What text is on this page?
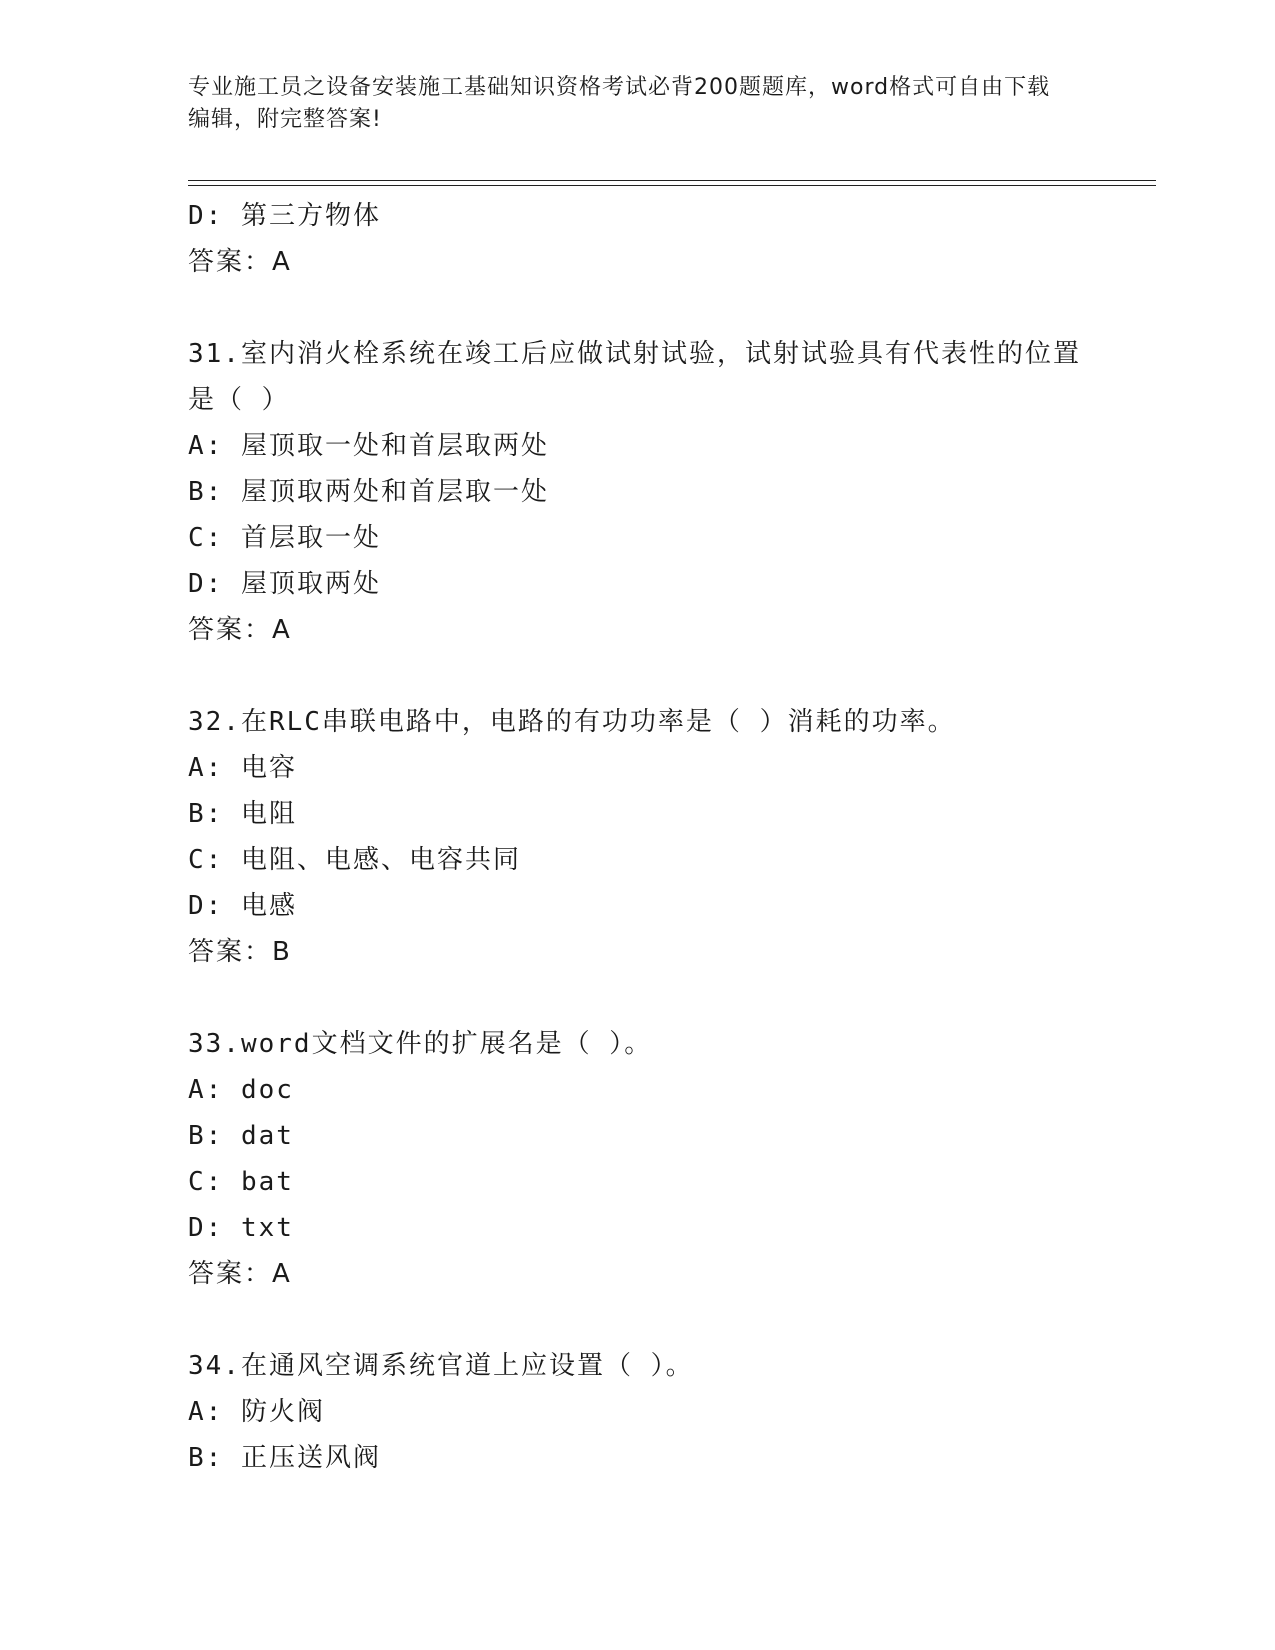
专业施工员之设备安装施工基础知识资格考试必背200题题库，word格式可自由下载编辑，附完整答案!
D: 第三方物体
答案：A
31.室内消火栓系统在竣工后应做试射试验，试射试验具有代表性的位置是（ ）
A: 屋顶取一处和首层取两处
B: 屋顶取两处和首层取一处
C: 首层取一处
D: 屋顶取两处
答案：A
32.在RLC串联电路中，电路的有功功率是（ ）消耗的功率。
A: 电容
B: 电阻
C: 电阻、电感、电容共同
D: 电感
答案：B
33.word文档文件的扩展名是（ ）。
A: doc
B: dat
C: bat
D: txt
答案：A
34.在通风空调系统官道上应设置（ ）。
A: 防火阀
B: 正压送风阀
